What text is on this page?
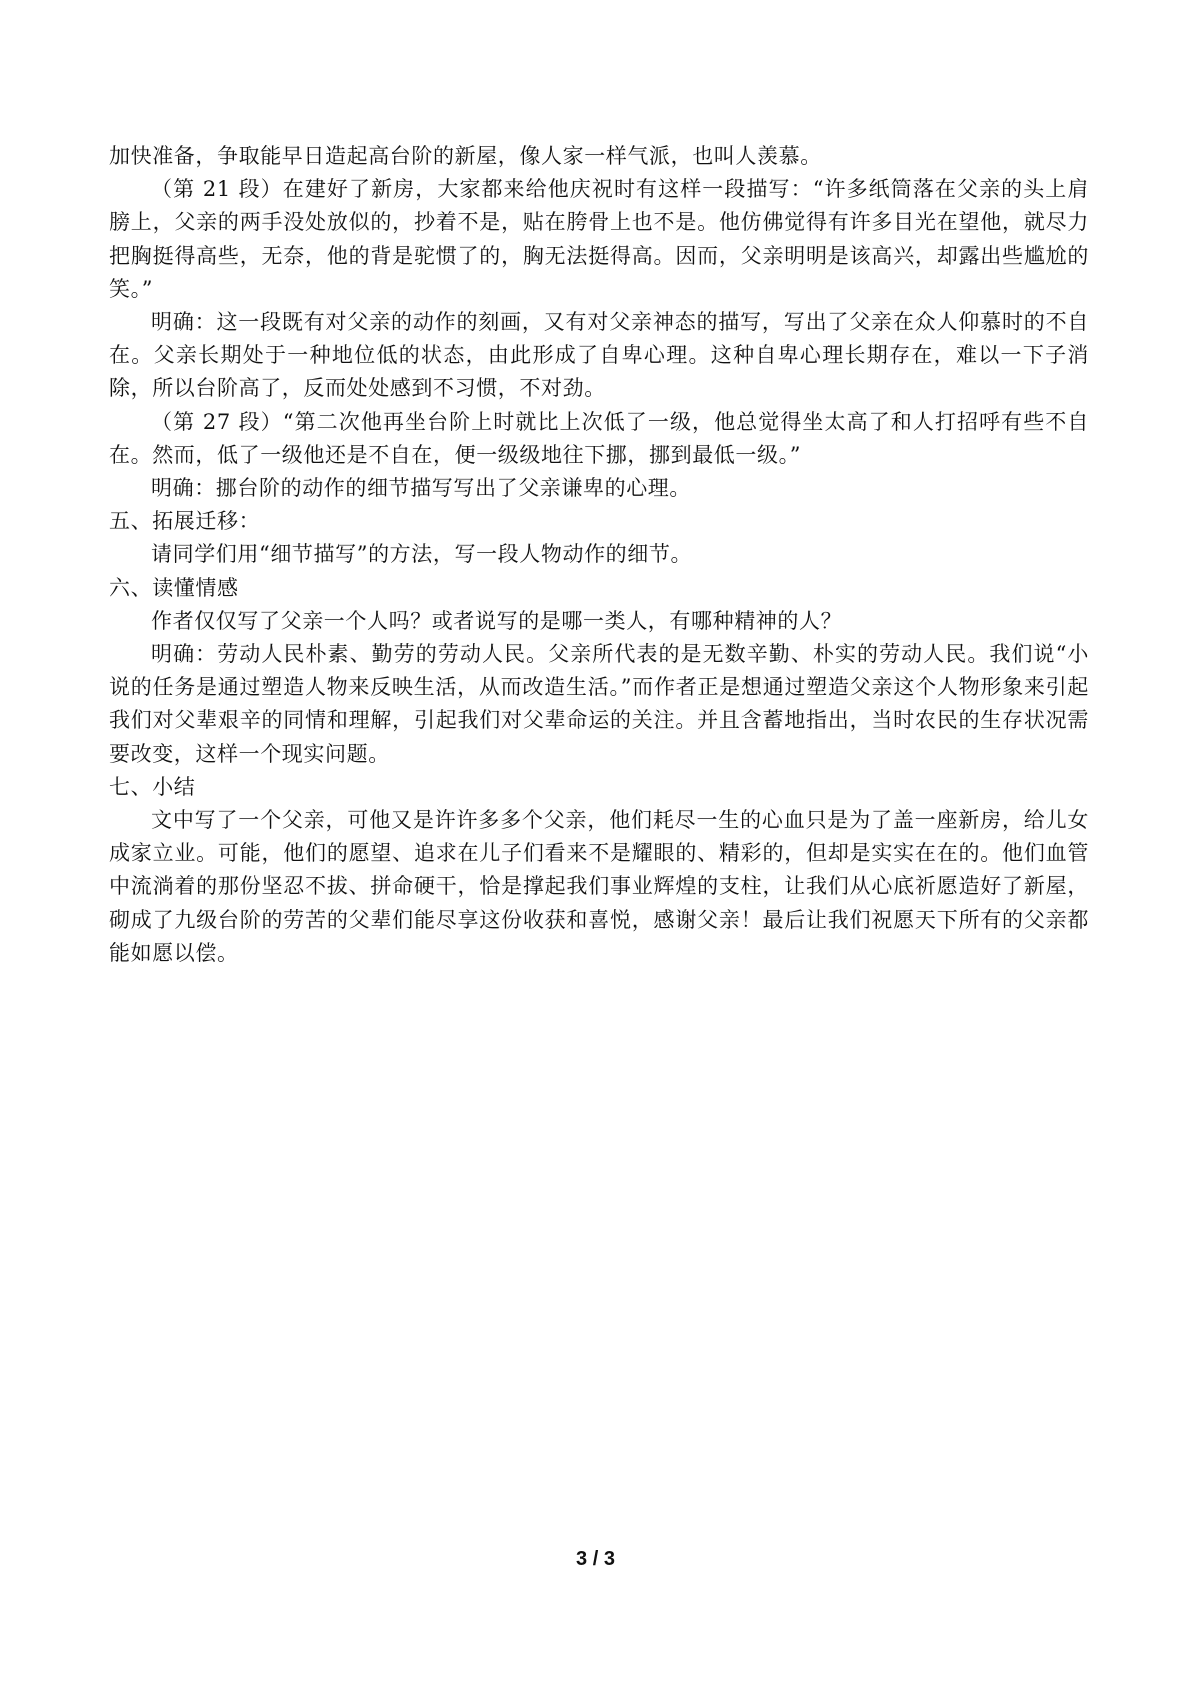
加快准备，争取能早日造起高台阶的新屋，像人家一样气派，也叫人羡慕。

（第 21 段）在建好了新房，大家都来给他庆祝时有这样一段描写：“许多纸筒落在父亲的头上肩膀上，父亲的两手没处放似的，抄着不是，贴在胯骨上也不是。他仿佛觉得有许多目光在望他，就尽力把胸挺得高些，无奈，他的背是驼惯了的，胸无法挺得高。因而，父亲明明是该高兴，却露出些尴尬的笑。”

明确：这一段既有对父亲的动作的刻画，又有对父亲神态的描写，写出了父亲在众人仰慕时的不自在。父亲长期处于一种地位低的状态，由此形成了自卑心理。这种自卑心理长期存在，难以一下子消除，所以台阶高了，反而处处感到不习惯，不对劲。

（第 27 段）“第二次他再坐台阶上时就比上次低了一级，他总觉得坐太高了和人打招呼有些不自在。然而，低了一级他还是不自在，便一级级地往下挪，挪到最低一级。”

明确：挪台阶的动作的细节描写写出了父亲谦卑的心理。

五、拓展迁移：

请同学们用“细节描写”的方法，写一段人物动作的细节。

六、读懂情感

作者仅仅写了父亲一个人吗？或者说写的是哪一类人，有哪种精神的人？

明确：劳动人民朴素、勤劳的劳动人民。父亲所代表的是无数辛勤、朴实的劳动人民。我们说“小说的任务是通过塑造人物来反映生活，从而改造生活。”而作者正是想通过塑造父亲这个人物形象来引起我们对父辈艰辛的同情和理解，引起我们对父辈命运的关注。并且含蓄地指出，当时农民的生存状况需要改变，这样一个现实问题。

七、小结

文中写了一个父亲，可他又是许许多多个父亲，他们耗尽一生的心血只是为了盖一座新房，给儿女成家立业。可能，他们的愿望、追求在儿子们看来不是耀眼的、精彩的，但却是实实在在的。他们血管中流淌着的那份坚忍不拔、拼命硬干，恰是撑起我们事业辉煌的支柱，让我们从心底祈愿造好了新屋，砌成了九级台阶的劳苦的父辈们能尽享这份收获和喜悦，感谢父亲！最后让我们祝愿天下所有的父亲都能如愿以偿。

3 / 3
